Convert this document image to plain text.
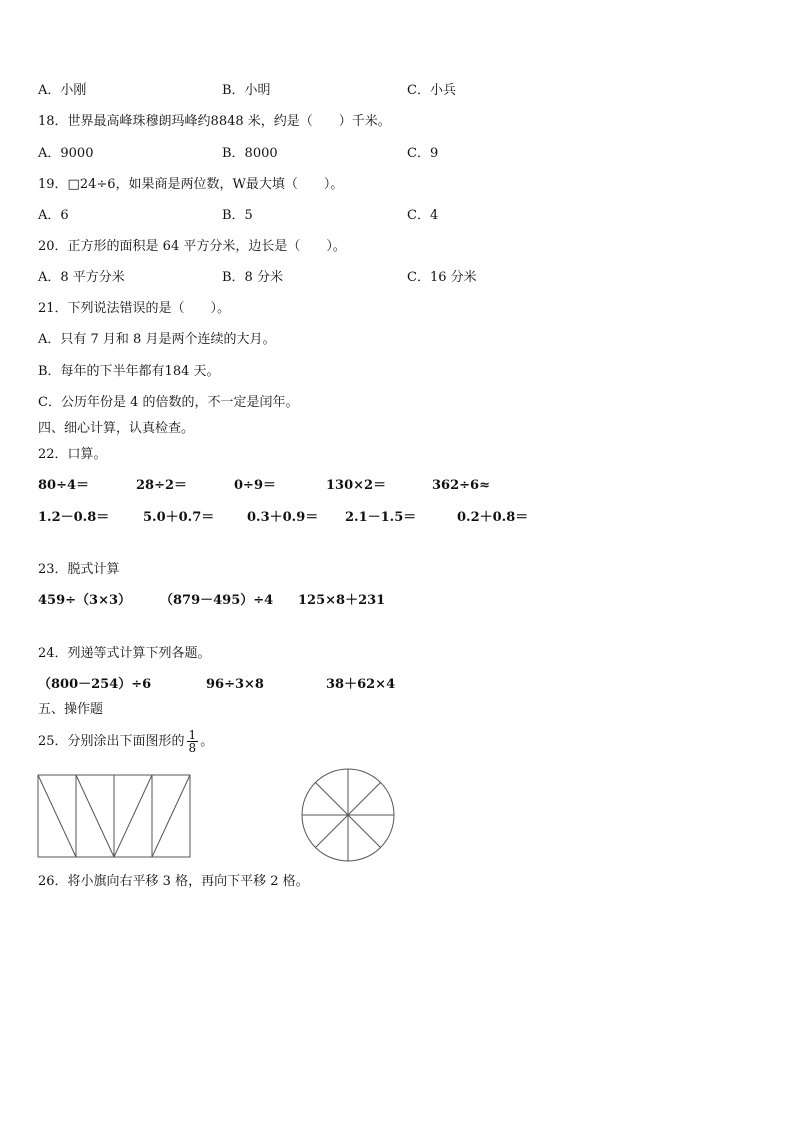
A．小刚	B．小明	C．小兵
18．世界最高峰珠穆朗玛峰约8848 米，约是（　　）千米。
A．9000	B．8000	C．9
19．□24÷6，如果商是两位数，W最大填（　　）。
A．6	B．5	C．4
20．正方形的面积是 64 平方分米，边长是（　　）。
A．8 平方分米	B．8 分米	C．16 分米
21．下列说法错误的是（　　）。
A．只有 7 月和 8 月是两个连续的大月。
B．每年的下半年都有184 天。
C．公历年份是 4 的倍数的，不一定是闰年。
四、细心计算，认真检查。
22．口算。
80÷4＝	28÷2＝	0÷9＝	130×2＝	362÷6≈
1.2－0.8＝	5.0＋0.7＝	0.3＋0.9＝ 2.1－1.5＝	0.2＋0.8＝
23．脱式计算
459÷（3×3） （879－495）÷4 125×8＋231
24．列递等式计算下列各题。
（800－254）÷6	96÷3×8	38＋62×4
五、操作题
25．分别涂出下面图形的 $\frac{1}{8}$ 。
26．将小旗向右平移 3 格，再向下平移 2 格。
